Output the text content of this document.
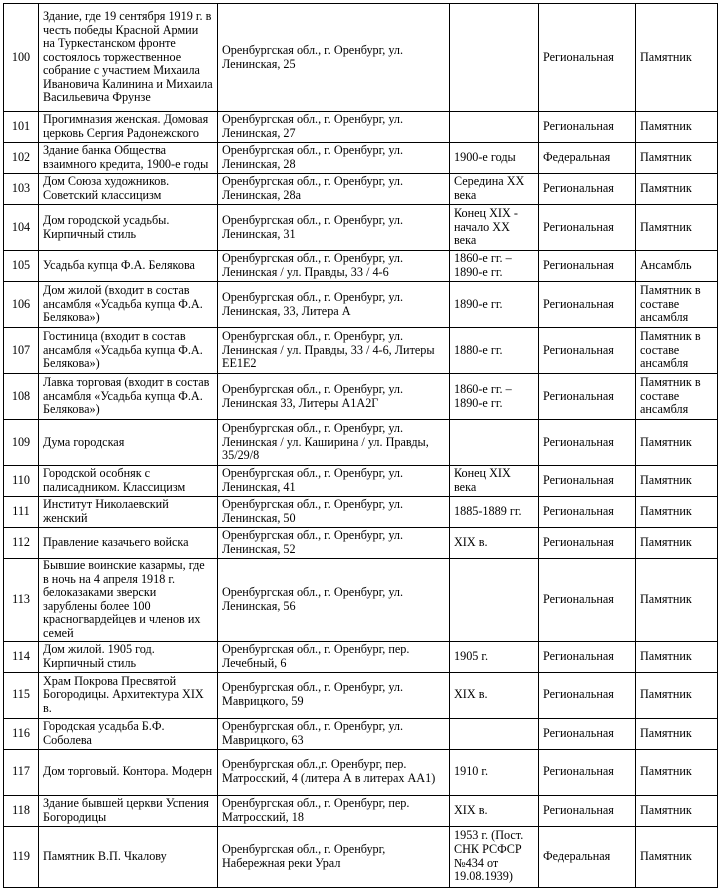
100	Здание, где 19 сентября 1919 г. в честь победы Красной Армии на Туркестанском фронте состоялось торжественное собрание с участием Михаила Ивановича Калинина и Михаила Васильевича Фрунзе	Оренбургская обл., г. Оренбург, ул. Ленинская, 25		Региональная	Памятник
101	Прогимназия женская. Домовая церковь Сергия Радонежского	Оренбургская обл., г. Оренбург, ул. Ленинская, 27		Региональная	Памятник
102	Здание банка Общества взаимного кредита, 1900-е годы	Оренбургская обл., г. Оренбург, ул. Ленинская, 28	1900-е годы	Федеральная	Памятник
103	Дом Союза художников. Советский классицизм	Оренбургская обл., г. Оренбург, ул. Ленинская, 28а	Середина XX века	Региональная	Памятник
104	Дом городской усадьбы. Кирпичный стиль	Оренбургская обл., г. Оренбург, ул. Ленинская, 31	Конец XIX - начало XX века	Региональная	Памятник
105	Усадьба купца Ф.А. Белякова	Оренбургская обл., г. Оренбург, ул. Ленинская / ул. Правды, 33 / 4-6	1860-е гг. – 1890-е гг.	Региональная	Ансамбль
106	Дом жилой (входит в состав ансамбля «Усадьба купца Ф.А. Белякова»)	Оренбургская обл., г. Оренбург, ул. Ленинская, 33, Литера А	1890-е гг.	Региональная	Памятник в составе ансамбля
107	Гостиница (входит в состав ансамбля «Усадьба купца Ф.А. Белякова»)	Оренбургская обл., г. Оренбург, ул. Ленинская / ул. Правды, 33 / 4-6, Литеры ЕЕ1Е2	1880-е гг.	Региональная	Памятник в составе ансамбля
108	Лавка торговая (входит в состав ансамбля «Усадьба купца Ф.А. Белякова»)	Оренбургская обл., г. Оренбург, ул. Ленинская 33, Литеры А1А2Г	1860-е гг. – 1890-е гг.	Региональная	Памятник в составе ансамбля
109	Дума городская	Оренбургская обл., г. Оренбург, ул. Ленинская / ул. Каширина / ул. Правды, 35/29/8		Региональная	Памятник
110	Городской особняк с палисадником. Классицизм	Оренбургская обл., г. Оренбург, ул. Ленинская, 41	Конец XIX века	Региональная	Памятник
111	Институт Николаевский женский	Оренбургская обл., г. Оренбург, ул. Ленинская, 50	1885-1889 гг.	Региональная	Памятник
112	Правление казачьего войска	Оренбургская обл., г. Оренбург, ул. Ленинская, 52	XIX в.	Региональная	Памятник
113	Бывшие воинские казармы, где в ночь на 4 апреля 1918 г. белоказаками зверски зарублены более 100 красногвардейцев и членов их семей	Оренбургская обл., г. Оренбург, ул. Ленинская, 56		Региональная	Памятник
114	Дом жилой. 1905 год. Кирпичный стиль	Оренбургская обл., г. Оренбург, пер. Лечебный, 6	1905 г.	Региональная	Памятник
115	Храм Покрова Пресвятой Богородицы. Архитектура XIX в.	Оренбургская обл., г. Оренбург, ул. Маврицкого, 59	XIX в.	Региональная	Памятник
116	Городская усадьба Б.Ф. Соболева	Оренбургская обл., г. Оренбург, ул. Маврицкого, 63		Региональная	Памятник
117	Дом торговый. Контора. Модерн	Оренбургская обл.,г. Оренбург, пер. Матросский, 4 (литера А в литерах АА1)	1910 г.	Региональная	Памятник
118	Здание бывшей церкви Успения Богородицы	Оренбургская обл., г. Оренбург, пер. Матросский, 18	XIX в.	Региональная	Памятник
119	Памятник В.П. Чкалову	Оренбургская обл., г. Оренбург, Набережная реки Урал	1953 г. (Пост. СНК РСФСР №434 от 19.08.1939)	Федеральная	Памятник
